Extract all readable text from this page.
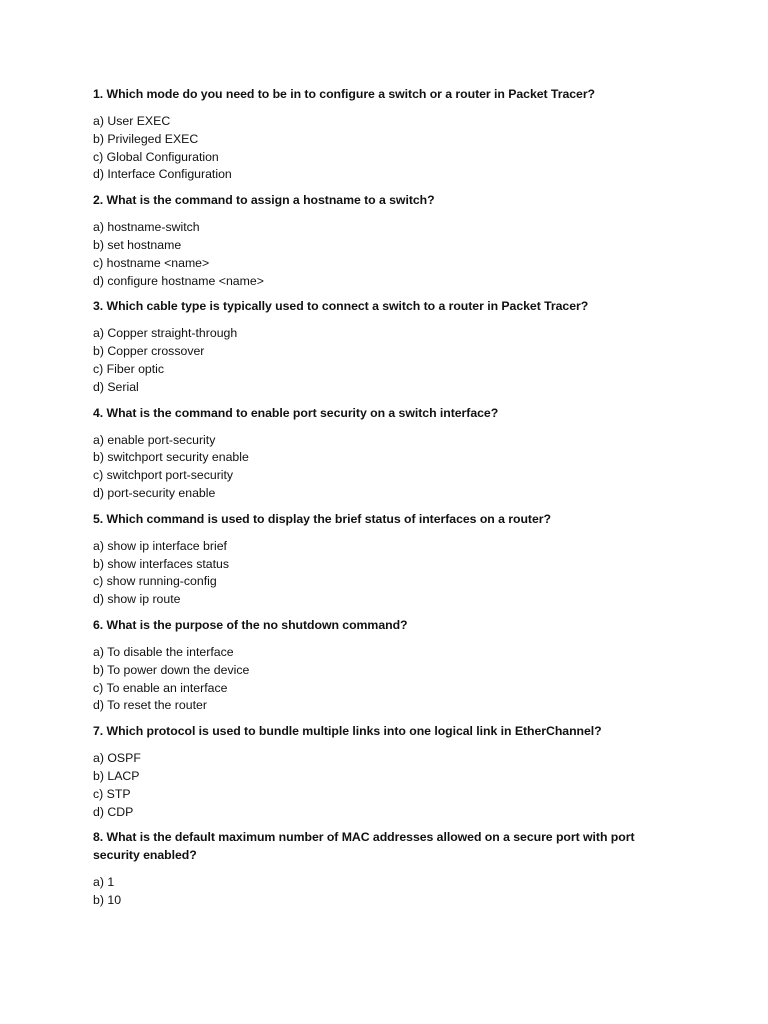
1. Which mode do you need to be in to configure a switch or a router in Packet Tracer?

a) User EXEC
b) Privileged EXEC
c) Global Configuration
d) Interface Configuration

2. What is the command to assign a hostname to a switch?

a) hostname-switch
b) set hostname
c) hostname <name>
d) configure hostname <name>

3. Which cable type is typically used to connect a switch to a router in Packet Tracer?

a) Copper straight-through
b) Copper crossover
c) Fiber optic
d) Serial

4. What is the command to enable port security on a switch interface?

a) enable port-security
b) switchport security enable
c) switchport port-security
d) port-security enable

5. Which command is used to display the brief status of interfaces on a router?

a) show ip interface brief
b) show interfaces status
c) show running-config
d) show ip route

6. What is the purpose of the no shutdown command?

a) To disable the interface
b) To power down the device
c) To enable an interface
d) To reset the router

7. Which protocol is used to bundle multiple links into one logical link in EtherChannel?

a) OSPF
b) LACP
c) STP
d) CDP

8. What is the default maximum number of MAC addresses allowed on a secure port with port security enabled?

a) 1
b) 10
